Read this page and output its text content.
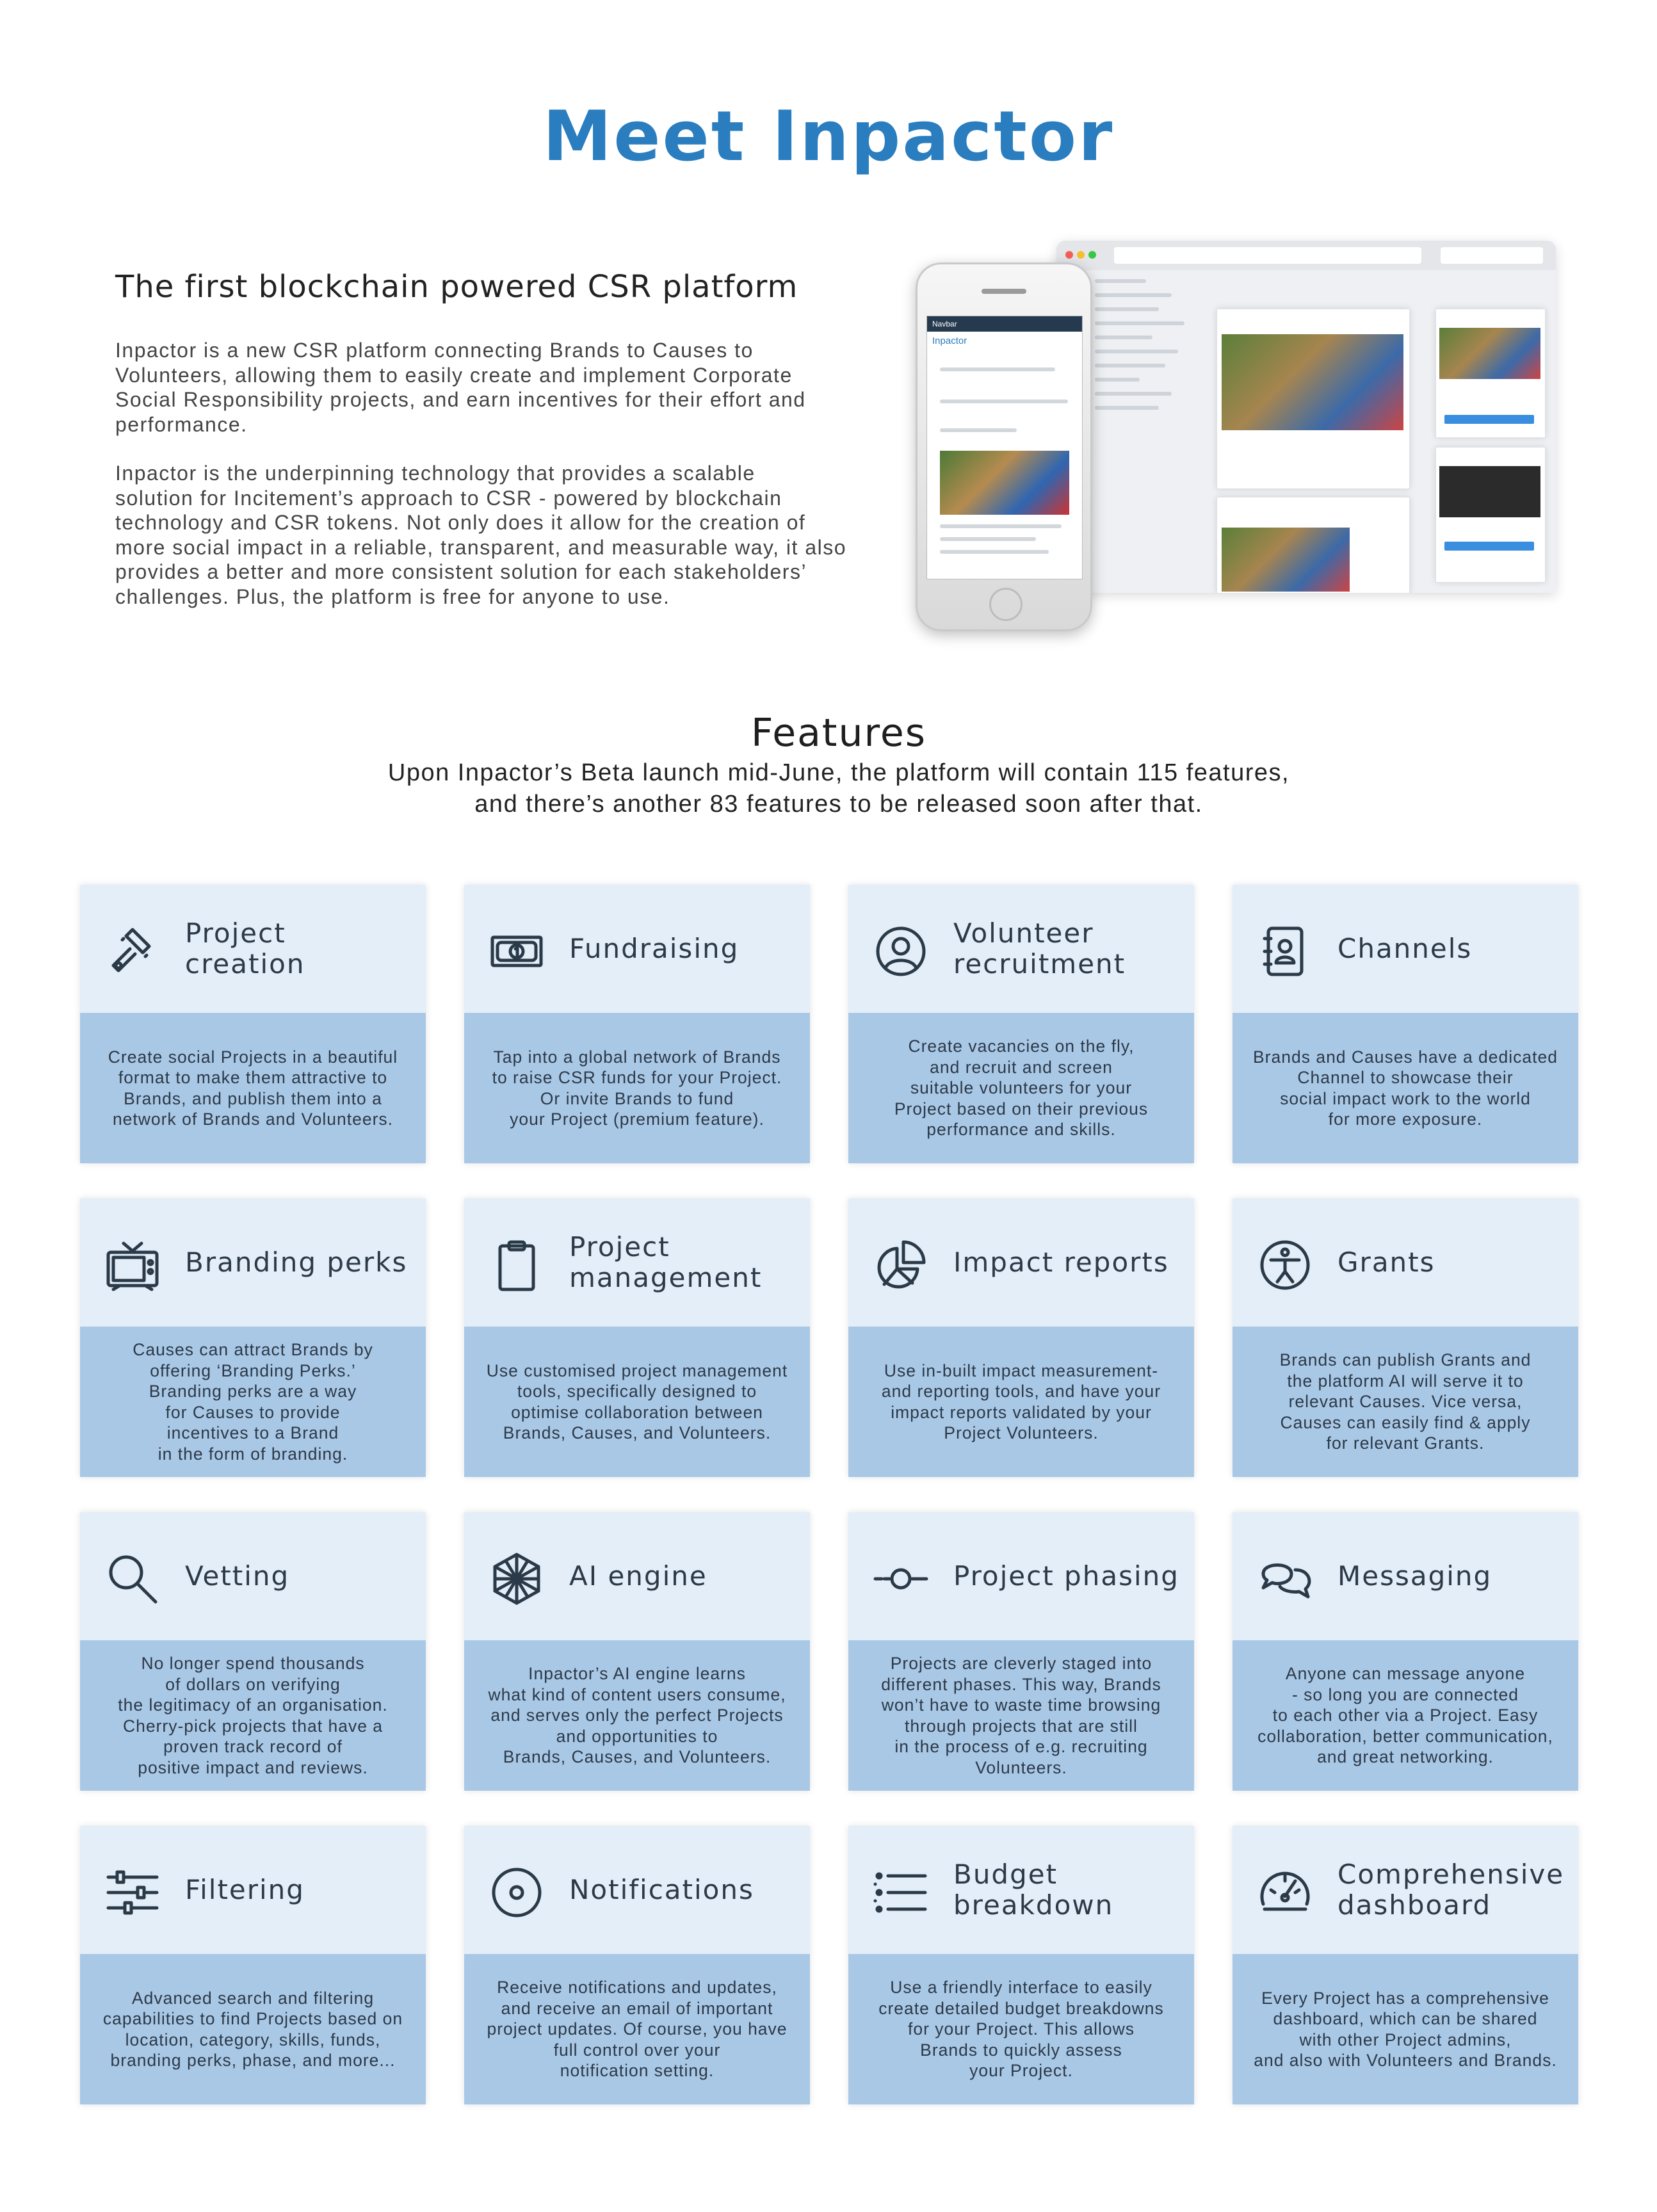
Meet Inpactor
The first blockchain powered CSR platform

Inpactor is a new CSR platform connecting Brands to Causes to
Volunteers, allowing them to easily create and implement Corporate
Social Responsibility projects, and earn incentives for their effort and
performance.

Inpactor is the underpinning technology that provides a scalable
solution for Incitement’s approach to CSR - powered by blockchain
technology and CSR tokens. Not only does it allow for the creation of
more social impact in a reliable, transparent, and measurable way, it also
provides a better and more consistent solution for each stakeholders’
challenges. Plus, the platform is free for anyone to use.

Navbar
Inpactor
Features
Upon Inpactor’s Beta launch mid-June, the platform will contain 115 features,
and there’s another 83 features to be released soon after that.
Project creation
Create social Projects in a beautiful
format to make them attractive to
Brands, and publish them into a
network of Brands and Volunteers.
Fundraising
Tap into a global network of Brands
to raise CSR funds for your Project.
Or invite Brands to fund
your Project (premium feature).
Volunteer
recruitment
Create vacancies on the fly,
and recruit and screen
suitable volunteers for your
Project based on their previous
performance and skills.
Channels
Brands and Causes have a dedicated
Channel to showcase their
social impact work to the world
for more exposure.
Branding perks
Causes can attract Brands by
offering ‘Branding Perks.’
Branding perks are a way
for Causes to provide
incentives to a Brand
in the form of branding.
Project
management
Use customised project management
tools, specifically designed to
optimise collaboration between
Brands, Causes, and Volunteers.
Impact reports
Use in-built impact measurement-
and reporting tools, and have your
impact reports validated by your
Project Volunteers.
Grants
Brands can publish Grants and
the platform AI will serve it to
relevant Causes. Vice versa,
Causes can easily find & apply
for relevant Grants.
Vetting
No longer spend thousands
of dollars on verifying
the legitimacy of an organisation.
Cherry-pick projects that have a
proven track record of
positive impact and reviews.
AI engine
Inpactor’s AI engine learns
what kind of content users consume,
and serves only the perfect Projects
and opportunities to
Brands, Causes, and Volunteers.
Project phasing
Projects are cleverly staged into
different phases. This way, Brands
won’t have to waste time browsing
through projects that are still
in the process of e.g. recruiting
Volunteers.
Messaging
Anyone can message anyone
- so long you are connected
to each other via a Project. Easy
collaboration, better communication,
and great networking.
Filtering
Advanced search and filtering
capabilities to find Projects based on
location, category, skills, funds,
branding perks, phase, and more...
Notifications
Receive notifications and updates,
and receive an email of important
project updates. Of course, you have
full control over your
notification setting.
Budget
breakdown
Use a friendly interface to easily
create detailed budget breakdowns
for your Project. This allows
Brands to quickly assess
your Project.
Comprehensive
dashboard
Every Project has a comprehensive
dashboard, which can be shared
with other Project admins,
and also with Volunteers and Brands.
